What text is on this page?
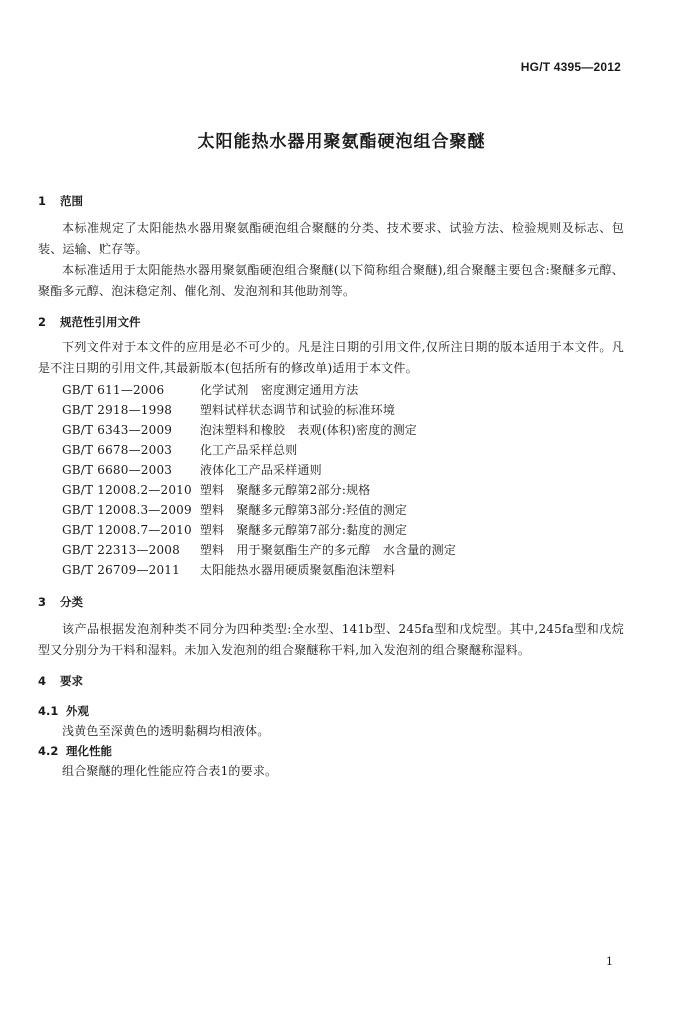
HG/T 4395—2012
太阳能热水器用聚氨酯硬泡组合聚醚
1 范围
本标准规定了太阳能热水器用聚氨酯硬泡组合聚醚的分类、技术要求、试验方法、检验规则及标志、包装、运输、贮存等。
本标准适用于太阳能热水器用聚氨酯硬泡组合聚醚(以下简称组合聚醚),组合聚醚主要包含:聚醚多元醇、聚酯多元醇、泡沫稳定剂、催化剂、发泡剂和其他助剂等。
2 规范性引用文件
下列文件对于本文件的应用是必不可少的。凡是注日期的引用文件,仅所注日期的版本适用于本文件。凡是不注日期的引用文件,其最新版本(包括所有的修改单)适用于本文件。
GB/T 611—2006	化学试剂　密度测定通用方法
GB/T 2918—1998 塑料试样状态调节和试验的标准环境
GB/T 6343—2009 泡沫塑料和橡胶　表观(体积)密度的测定
GB/T 6678—2003 化工产品采样总则
GB/T 6680—2003 液体化工产品采样通则
GB/T 12008.2—2010 塑料　聚醚多元醇第2部分:规格
GB/T 12008.3—2009 塑料　聚醚多元醇第3部分:羟值的测定
GB/T 12008.7—2010 塑料　聚醚多元醇第7部分:黏度的测定
GB/T 22313—2008 塑料　用于聚氨酯生产的多元醇　水含量的测定
GB/T 26709—2011 太阳能热水器用硬质聚氨酯泡沫塑料
3 分类
该产品根据发泡剂种类不同分为四种类型:全水型、141b型、245fa型和戊烷型。其中,245fa型和戊烷型又分别分为干料和湿料。未加入发泡剂的组合聚醚称干料,加入发泡剂的组合聚醚称湿料。
4 要求
4.1 外观
浅黄色至深黄色的透明黏稠均相液体。
4.2 理化性能
组合聚醚的理化性能应符合表1的要求。
1
